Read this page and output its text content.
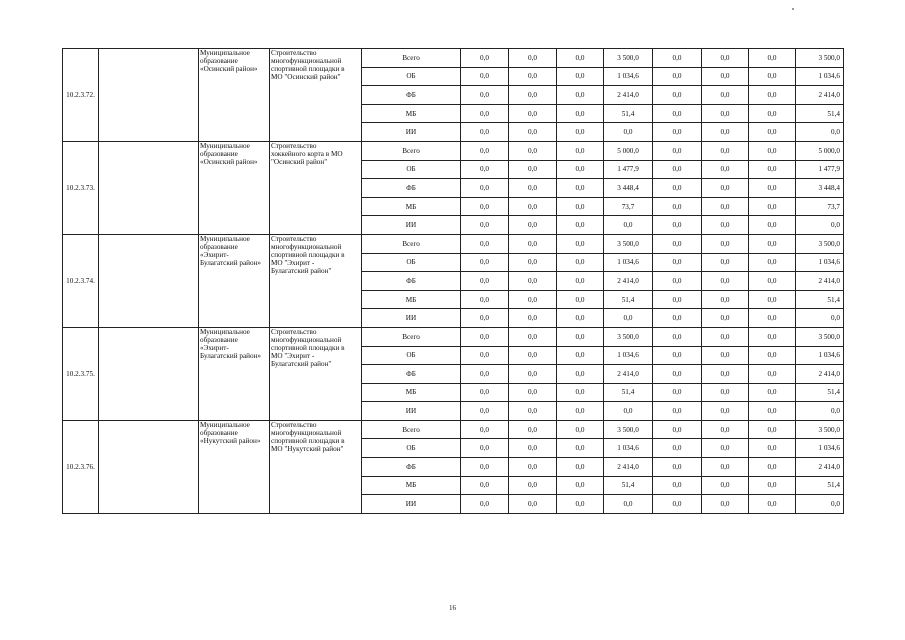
10.2.3.72.		Муниципальное
образование
«Осинский район»	Строительство
многофункциональной
спортивной площадки в
МО "Осинский район"	Всего	0,0	0,0	0,0	3 500,0	0,0	0,0	0,0	3 500,0
				ОБ	0,0	0,0	0,0	1 034,6	0,0	0,0	0,0	1 034,6
				ФБ	0,0	0,0	0,0	2 414,0	0,0	0,0	0,0	2 414,0
				МБ	0,0	0,0	0,0	51,4	0,0	0,0	0,0	51,4
				ИИ	0,0	0,0	0,0	0,0	0,0	0,0	0,0	0,0
10.2.3.73.		Муниципальное
образование
«Осинский район»	Строительство
хоккейного корта в МО
"Осинский район"	Всего	0,0	0,0	0,0	5 000,0	0,0	0,0	0,0	5 000,0
				ОБ	0,0	0,0	0,0	1 477,9	0,0	0,0	0,0	1 477,9
				ФБ	0,0	0,0	0,0	3 448,4	0,0	0,0	0,0	3 448,4
				МБ	0,0	0,0	0,0	73,7	0,0	0,0	0,0	73,7
				ИИ	0,0	0,0	0,0	0,0	0,0	0,0	0,0	0,0
10.2.3.74.		Муниципальное
образование
«Эхирит-
Булагатский район»	Строительство
многофункциональной
спортивной площадки в
МО "Эхирит -
Булагатский район"	Всего	0,0	0,0	0,0	3 500,0	0,0	0,0	0,0	3 500,0
				ОБ	0,0	0,0	0,0	1 034,6	0,0	0,0	0,0	1 034,6
				ФБ	0,0	0,0	0,0	2 414,0	0,0	0,0	0,0	2 414,0
				МБ	0,0	0,0	0,0	51,4	0,0	0,0	0,0	51,4
				ИИ	0,0	0,0	0,0	0,0	0,0	0,0	0,0	0,0
10.2.3.75.		Муниципальное
образование
«Эхирит-
Булагатский район»	Строительство
многофункциональной
спортивной площадки в
МО "Эхирит -
Булагатский район"	Всего	0,0	0,0	0,0	3 500,0	0,0	0,0	0,0	3 500,0
				ОБ	0,0	0,0	0,0	1 034,6	0,0	0,0	0,0	1 034,6
				ФБ	0,0	0,0	0,0	2 414,0	0,0	0,0	0,0	2 414,0
				МБ	0,0	0,0	0,0	51,4	0,0	0,0	0,0	51,4
				ИИ	0,0	0,0	0,0	0,0	0,0	0,0	0,0	0,0
10.2.3.76.		Муниципальное
образование
«Нукутский район»	Строительство
многофункциональной
спортивной площадки в
МО "Нукутский район"	Всего	0,0	0,0	0,0	3 500,0	0,0	0,0	0,0	3 500,0
				ОБ	0,0	0,0	0,0	1 034,6	0,0	0,0	0,0	1 034,6
				ФБ	0,0	0,0	0,0	2 414,0	0,0	0,0	0,0	2 414,0
				МБ	0,0	0,0	0,0	51,4	0,0	0,0	0,0	51,4
				ИИ	0,0	0,0	0,0	0,0	0,0	0,0	0,0	0,0
16
